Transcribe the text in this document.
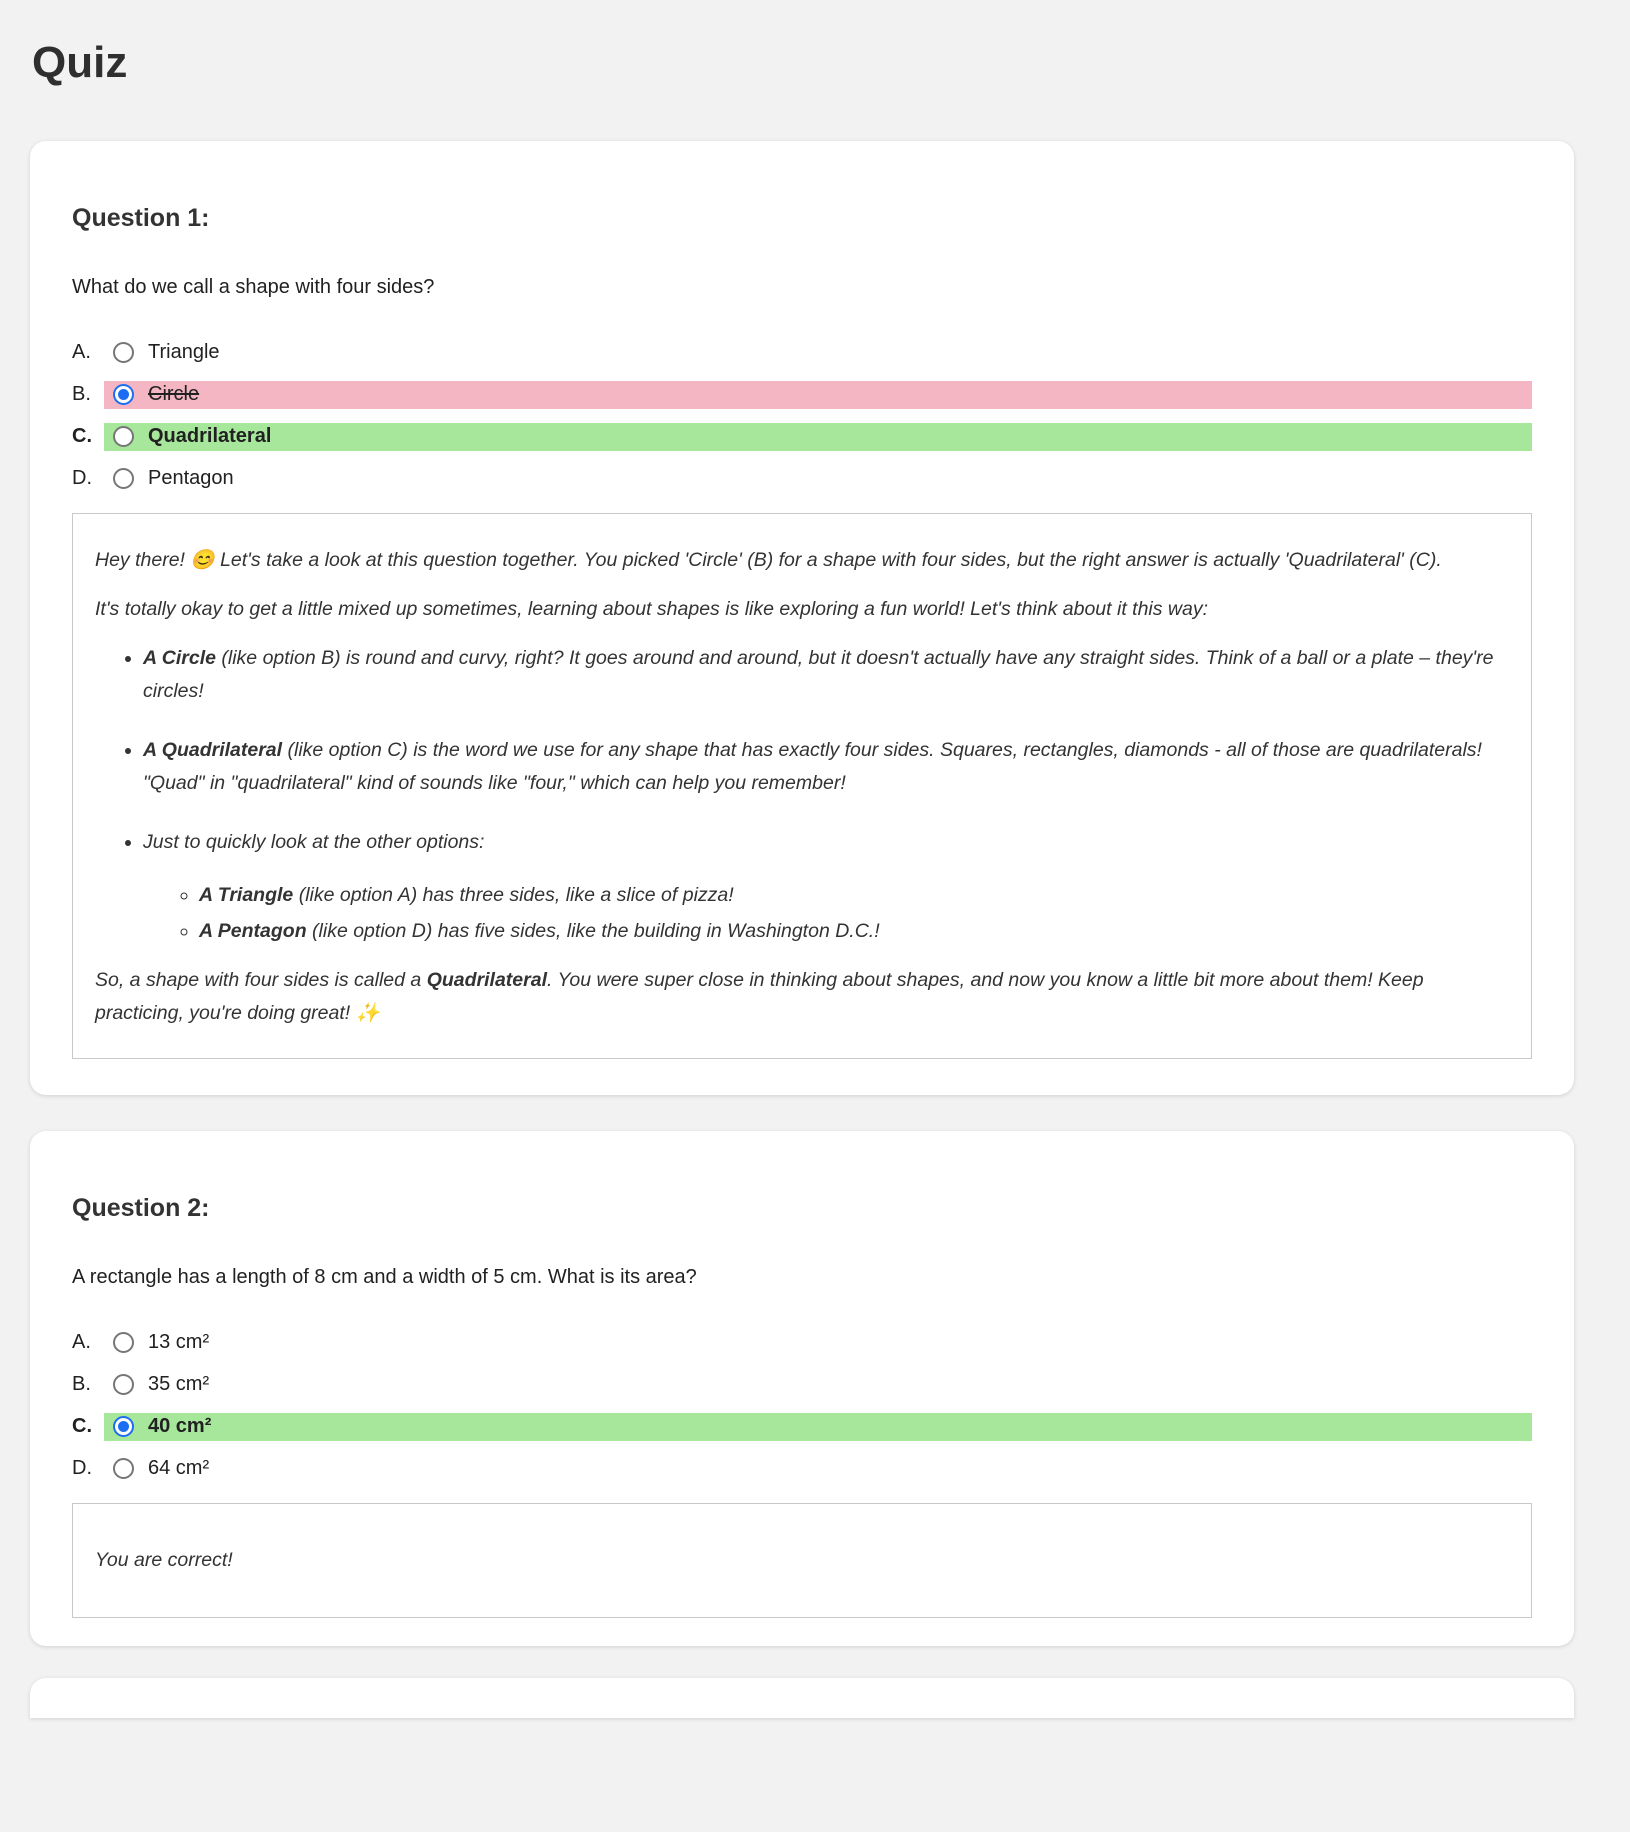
Quiz
Question 1:

What do we call a shape with four sides?

A.	Triangle
B.	Circle
C.	Quadrilateral
D.	Pentagon

Hey there! 😊 Let's take a look at this question together. You picked 'Circle' (B) for a shape with four sides, but the right answer is actually 'Quadrilateral' (C).

It's totally okay to get a little mixed up sometimes, learning about shapes is like exploring a fun world! Let's think about it this way:

• A Circle (like option B) is round and curvy, right? It goes around and around, but it doesn't actually have any straight sides. Think of a ball or a plate – they're circles!
• A Quadrilateral (like option C) is the word we use for any shape that has exactly four sides. Squares, rectangles, diamonds - all of those are quadrilaterals! "Quad" in "quadrilateral" kind of sounds like "four," which can help you remember!
• Just to quickly look at the other options:
◦ A Triangle (like option A) has three sides, like a slice of pizza!
◦ A Pentagon (like option D) has five sides, like the building in Washington D.C.!

So, a shape with four sides is called a Quadrilateral. You were super close in thinking about shapes, and now you know a little bit more about them! Keep practicing, you're doing great! ✨

Question 2:

A rectangle has a length of 8 cm and a width of 5 cm. What is its area?

A.	13 cm²
B.	35 cm²
C.	40 cm²
D.	64 cm²

You are correct!
